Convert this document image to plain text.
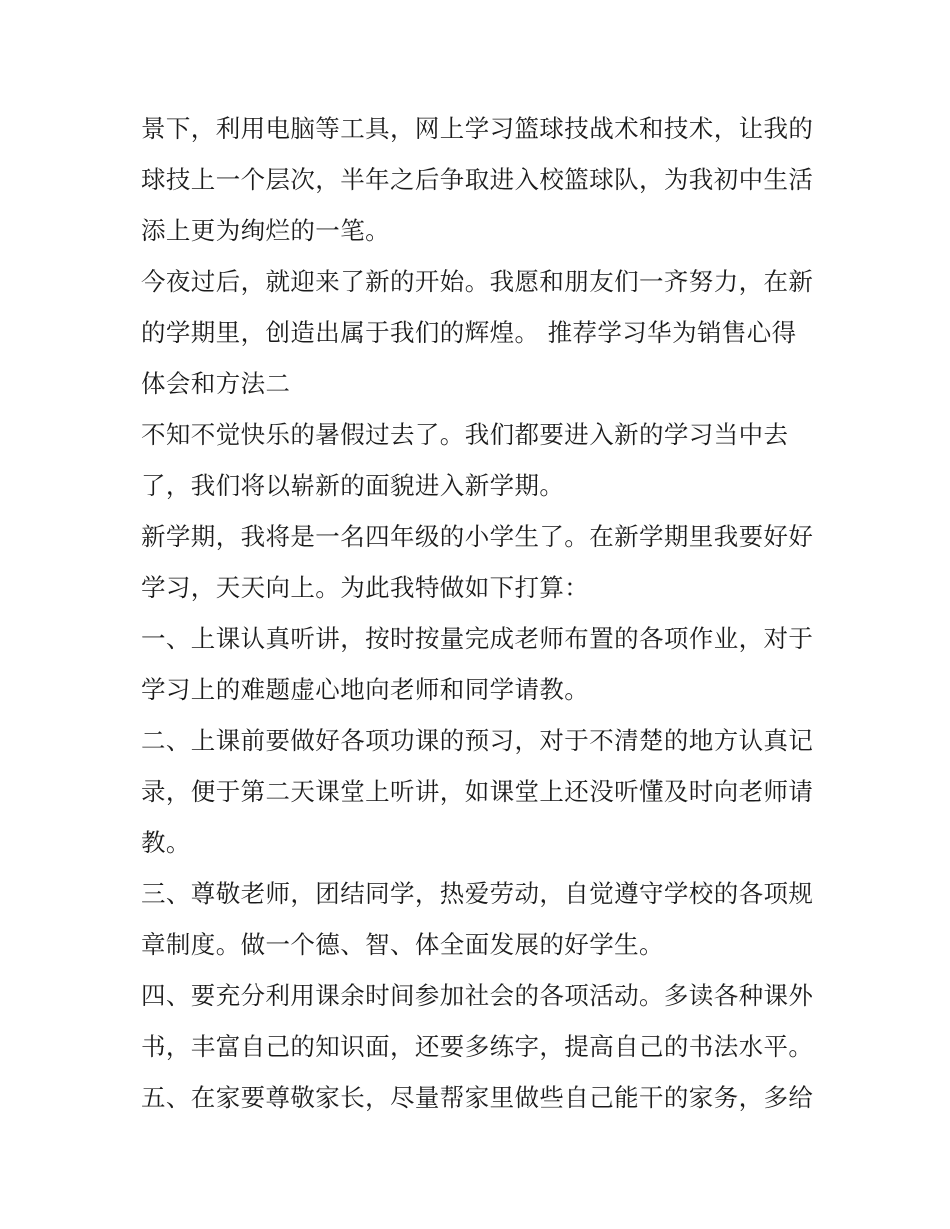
景下，利用电脑等工具，网上学习篮球技战术和技术，让我的
球技上一个层次，半年之后争取进入校篮球队，为我初中生活
添上更为绚烂的一笔。
今夜过后，就迎来了新的开始。我愿和朋友们一齐努力，在新
的学期里，创造出属于我们的辉煌。 推荐学习华为销售心得
体会和方法二
不知不觉快乐的暑假过去了。我们都要进入新的学习当中去
了，我们将以崭新的面貌进入新学期。
新学期，我将是一名四年级的小学生了。在新学期里我要好好
学习，天天向上。为此我特做如下打算：
一、上课认真听讲，按时按量完成老师布置的各项作业，对于
学习上的难题虚心地向老师和同学请教。
二、上课前要做好各项功课的预习，对于不清楚的地方认真记
录，便于第二天课堂上听讲，如课堂上还没听懂及时向老师请
教。
三、尊敬老师，团结同学，热爱劳动，自觉遵守学校的各项规
章制度。做一个德、智、体全面发展的好学生。
四、要充分利用课余时间参加社会的各项活动。多读各种课外
书，丰富自己的知识面，还要多练字，提高自己的书法水平。
五、在家要尊敬家长，尽量帮家里做些自己能干的家务，多给
